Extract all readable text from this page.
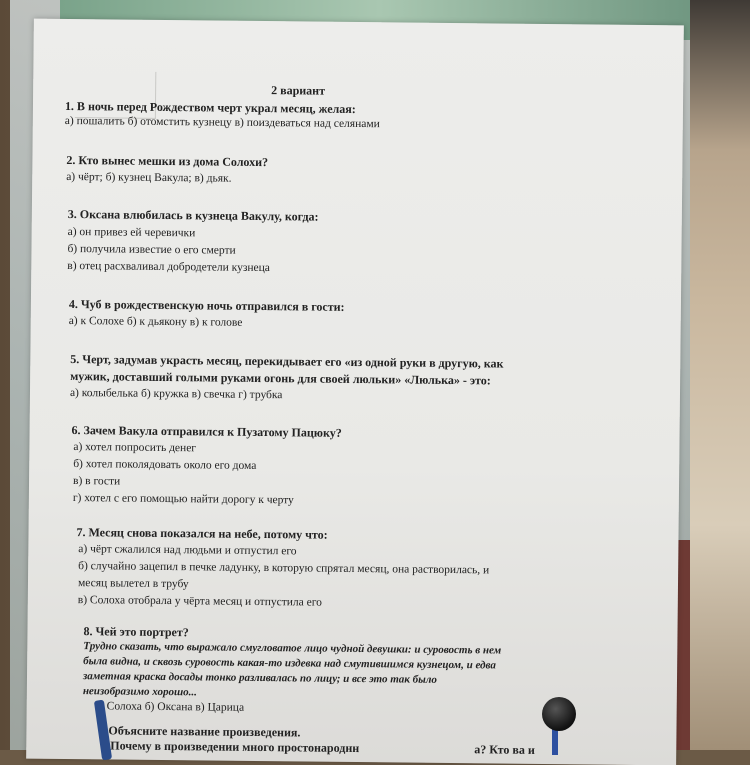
2 вариант
1. В ночь перед Рождеством черт украл месяц, желая:
а) пошалить б) отомстить кузнецу в) поиздеваться над селянами
2. Кто вынес мешки из дома Солохи?
а) чёрт; б) кузнец Вакула; в) дьяк.
3. Оксана влюбилась в кузнеца Вакулу, когда:
а) он привез ей черевички
б) получила известие о его смерти
в) отец расхваливал добродетели кузнеца
4. Чуб в рождественскую ночь отправился в гости:
а) к Солохе б) к дьякону в) к голове
5. Черт, задумав украсть месяц, перекидывает его «из одной руки в другую, как
мужик, доставший голыми руками огонь для своей люльки» «Люлька» - это:
а) колыбелька б) кружка в) свечка г) трубка
6. Зачем Вакула отправился к Пузатому Пацюку?
а) хотел попросить денег
б) хотел поколядовать около его дома
в) в гости
г) хотел с его помощью найти дорогу к черту
7. Месяц снова показался на небе, потому что:
а) чёрт сжалился над людьми и отпустил его
б) случайно зацепил в печке ладунку, в которую спрятал месяц, она растворилась, и
месяц вылетел в трубу
в) Солоха отобрала у чёрта месяц и отпустила его
8. Чей это портрет?
Трудно сказать, что выражало смугловатое лицо чудной девушки: и суровость в нем
была видна, и сквозь суровость какая-то издевка над смутившимся кузнецом, и едва
заметная краска досады тонко разливалась по лицу; и все это так было
неизобразимо хорошо...
Солоха б) Оксана в) Царица
Объясните название произведения.
Почему в произведении много простонароднн	а? Кто ва и
